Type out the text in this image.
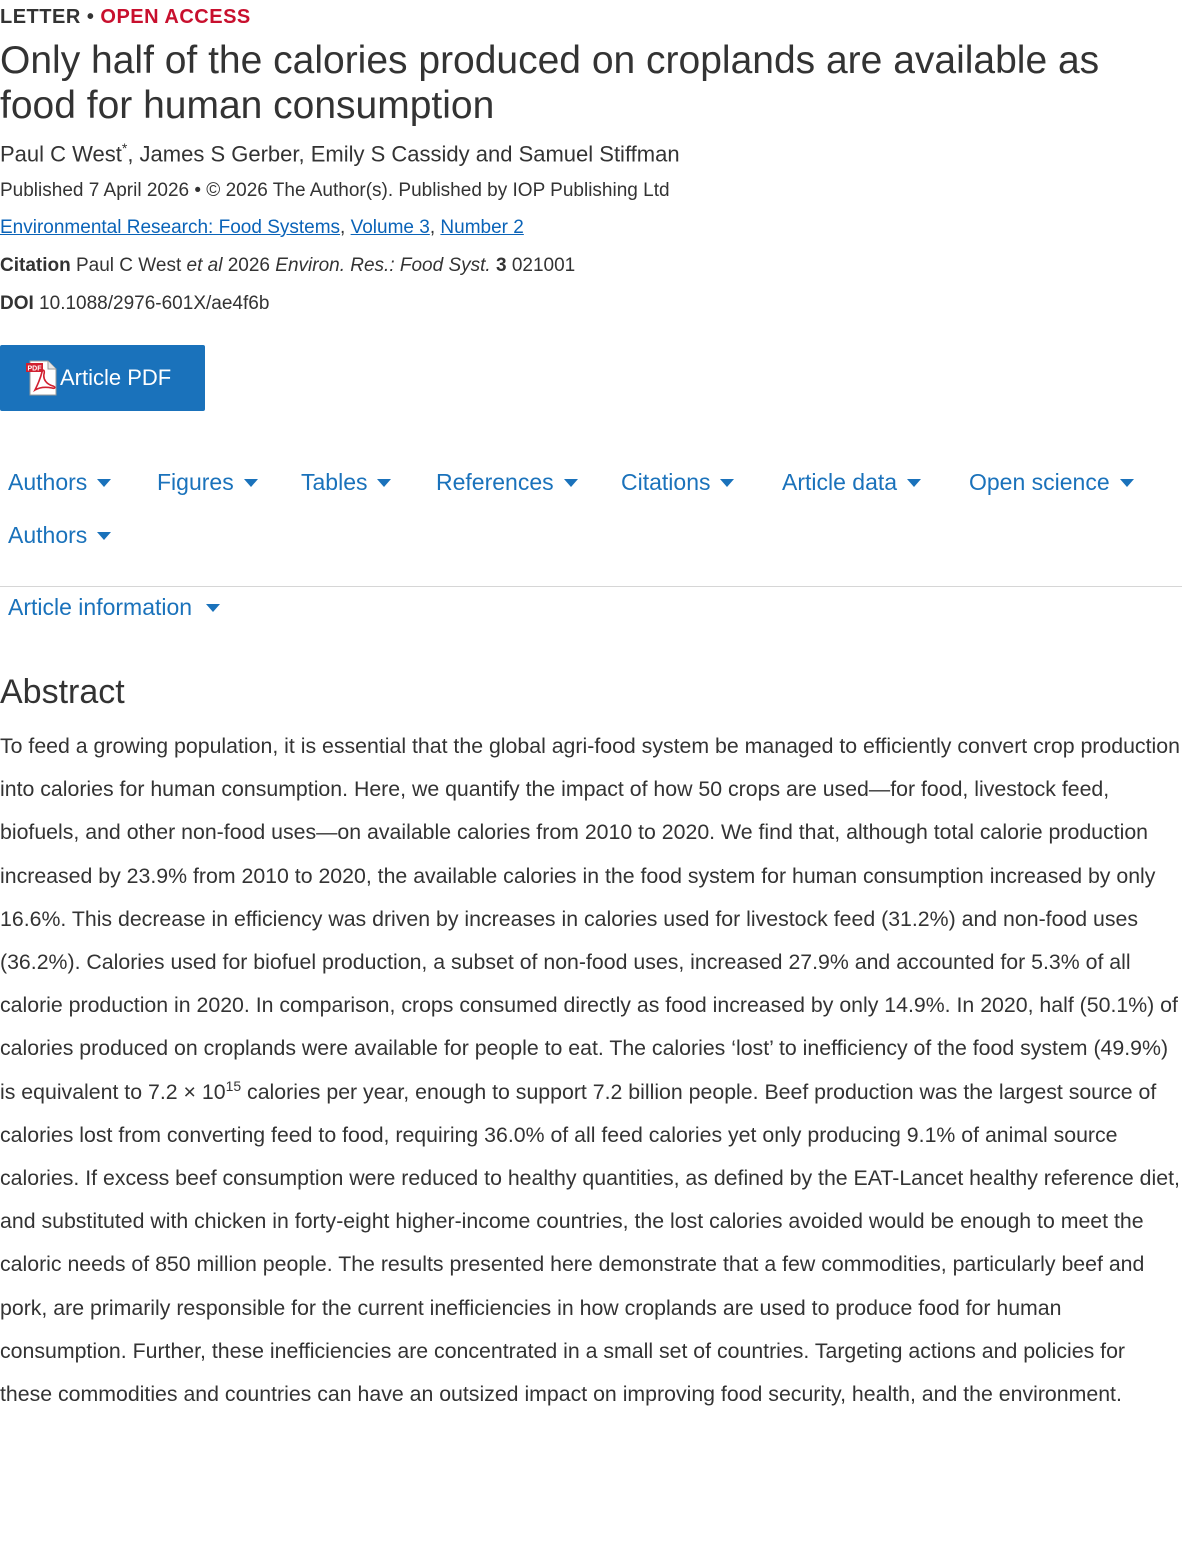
LETTER • OPEN ACCESS
Only half of the calories produced on croplands are available as food for human consumption
Paul C West*, James S Gerber, Emily S Cassidy and Samuel Stiffman
Published 7 April 2026 • © 2026 The Author(s). Published by IOP Publishing Ltd
Environmental Research: Food Systems, Volume 3, Number 2
Citation Paul C West et al 2026 Environ. Res.: Food Syst. 3 021001
DOI 10.1088/2976-601X/ae4f6b
PDF Article PDF
Authors	Figures	Tables	References	Citations	Article data	Open science
Authors
Article information
Abstract

To feed a growing population, it is essential that the global agri-food system be managed to efficiently convert crop production into calories for human consumption. Here, we quantify the impact of how 50 crops are used—for food, livestock feed, biofuels, and other non-food uses—on available calories from 2010 to 2020. We find that, although total calorie production increased by 23.9% from 2010 to 2020, the available calories in the food system for human consumption increased by only 16.6%. This decrease in efficiency was driven by increases in calories used for livestock feed (31.2%) and non-food uses (36.2%). Calories used for biofuel production, a subset of non-food uses, increased 27.9% and accounted for 5.3% of all calorie production in 2020. In comparison, crops consumed directly as food increased by only 14.9%. In 2020, half (50.1%) of calories produced on croplands were available for people to eat. The calories ‘lost’ to inefficiency of the food system (49.9%) is equivalent to $7.2 \times 10^{15}$ calories per year, enough to support 7.2 billion people. Beef production was the largest source of calories lost from converting feed to food, requiring 36.0% of all feed calories yet only producing 9.1% of animal source calories. If excess beef consumption were reduced to healthy quantities, as defined by the EAT-Lancet healthy reference diet, and substituted with chicken in forty-eight higher-income countries, the lost calories avoided would be enough to meet the caloric needs of 850 million people. The results presented here demonstrate that a few commodities, particularly beef and pork, are primarily responsible for the current inefficiencies in how croplands are used to produce food for human consumption. Further, these inefficiencies are concentrated in a small set of countries. Targeting actions and policies for these commodities and countries can have an outsized impact on improving food security, health, and the environment.
